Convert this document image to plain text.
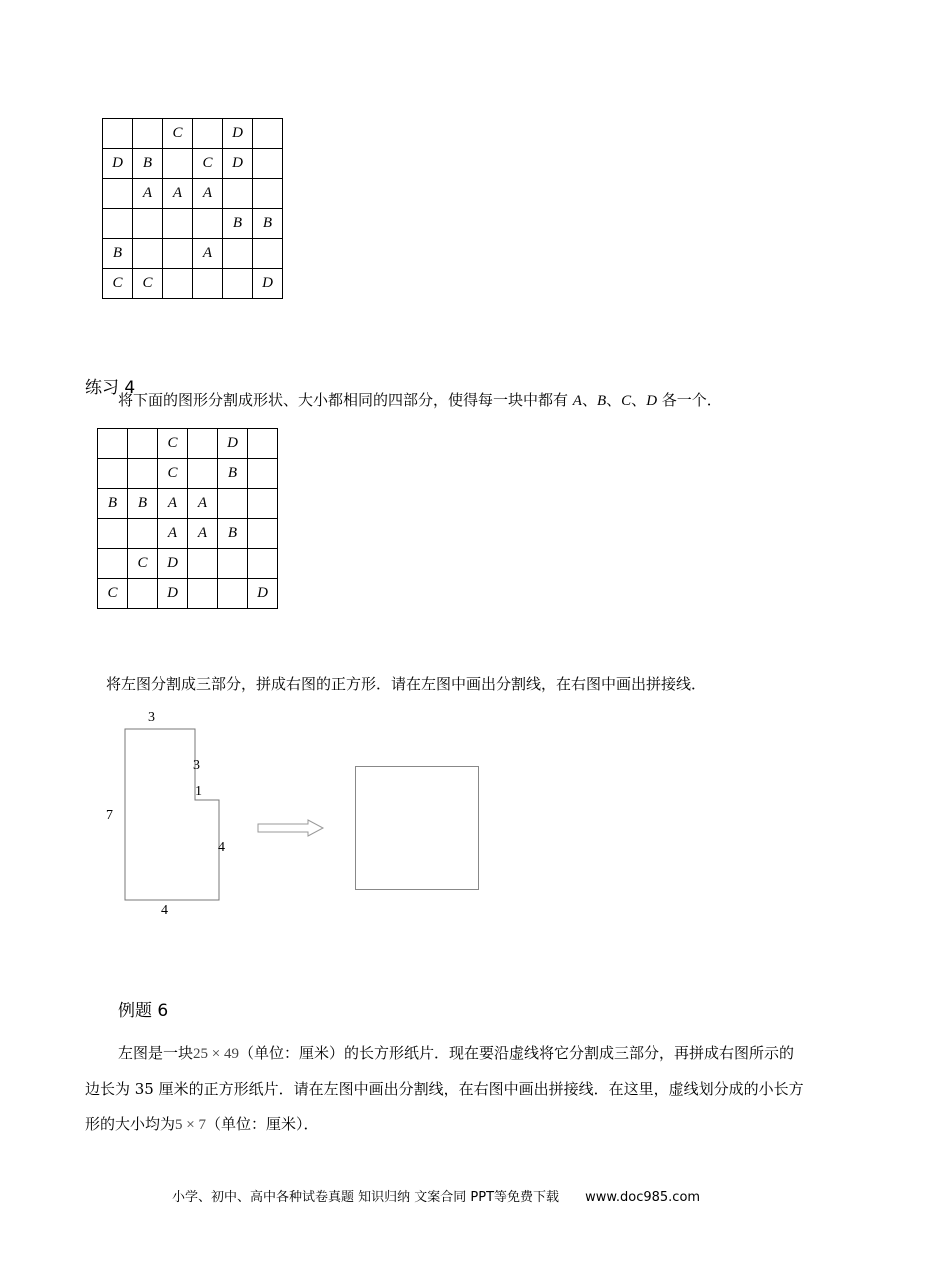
		C		D	
D	B		C	D	
	A	A	A		
				B	B
B			A		
C	C				D
练习 4
将下面的图形分割成形状、大小都相同的四部分，使得每一块中都有 A、B、C、D 各一个．
		C		D	
		C		B	
B	B	A	A		
		A	A	B	
	C	D			
C		D			D
将左图分割成三部分，拼成右图的正方形．请在左图中画出分割线，在右图中画出拼接线．
3
3
1
7
4
4
例题 6
左图是一块25 × 49（单位：厘米）的长方形纸片．现在要沿虚线将它分割成三部分，再拼成右图所示的
边长为 35 厘米的正方形纸片．请在左图中画出分割线，在右图中画出拼接线．在这里，虚线划分成的小长方
形的大小均为5 × 7（单位：厘米）．
小学、初中、高中各种试卷真题 知识归纳 文案合同 PPT等免费下载 www.doc985.com
